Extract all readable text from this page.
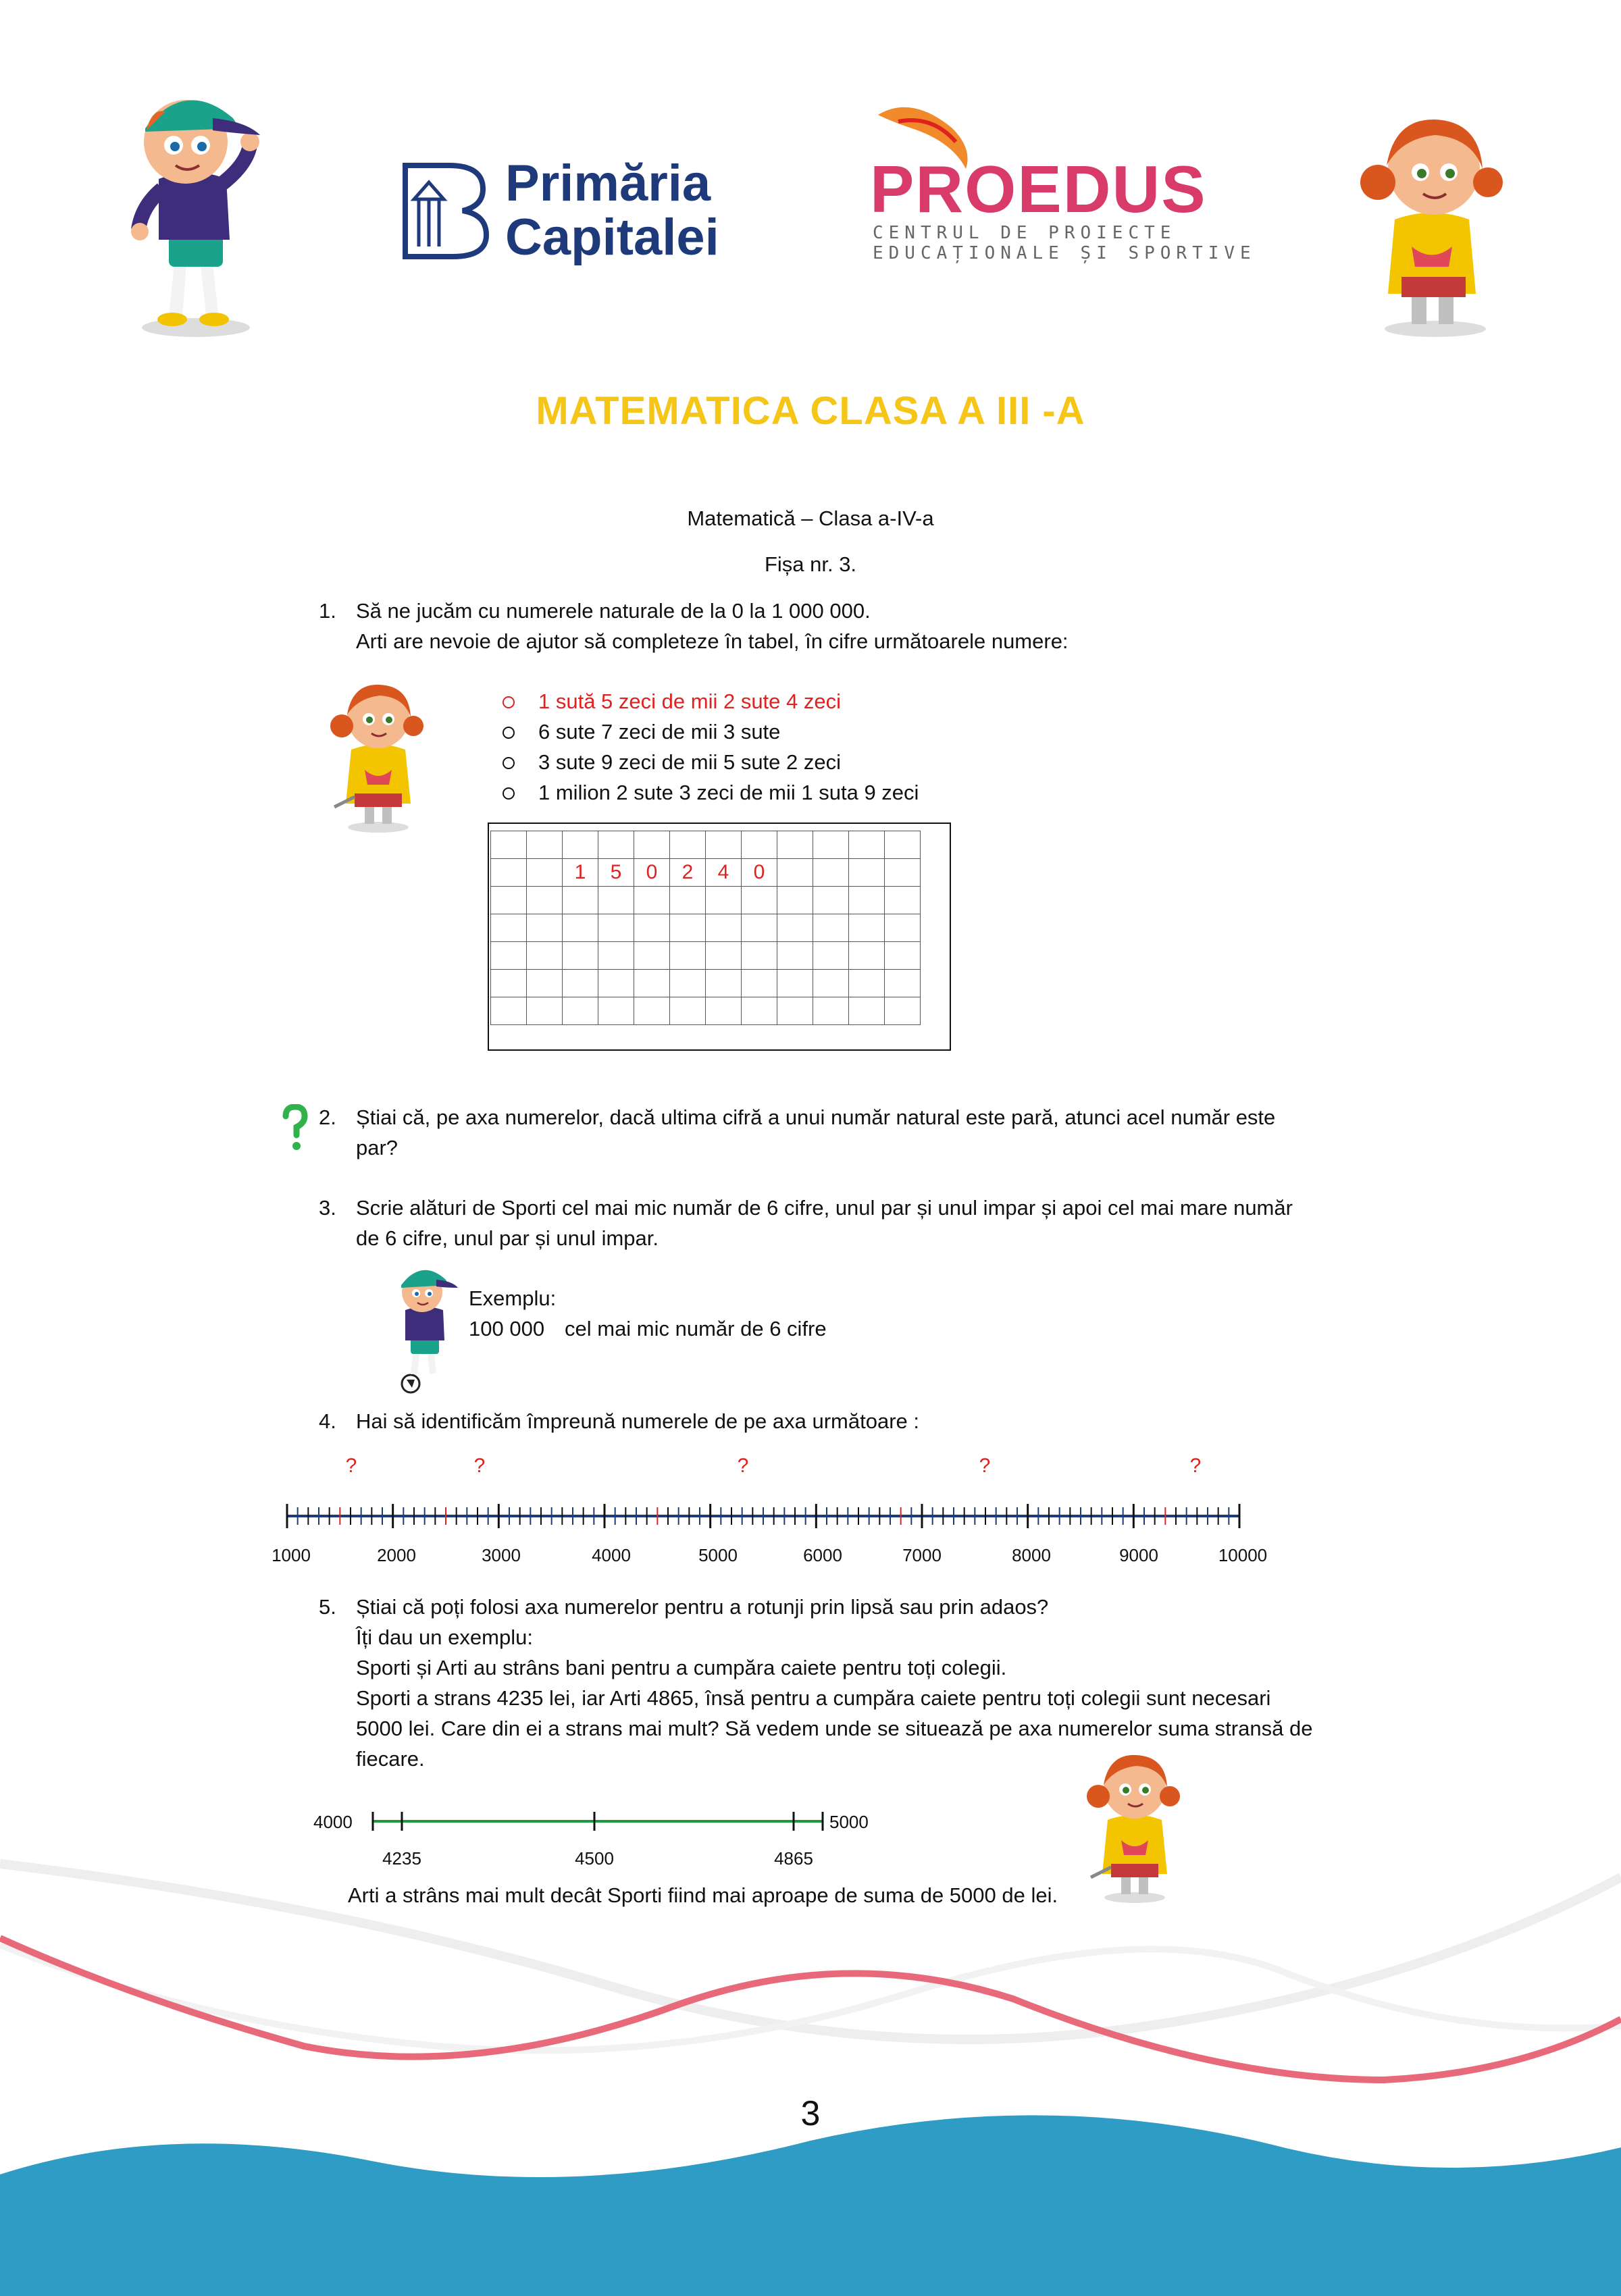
Primăria
Capitalei
PROEDUS
CENTRUL DE PROIECTE
EDUCAȚIONALE ȘI SPORTIVE
MATEMATICA CLASA A III -A
Matematică – Clasa a-IV-a
Fișa nr. 3.
1. Să ne jucăm cu numerele naturale de la 0 la 1 000 000.
Arti are nevoie de ajutor să completeze în tabel, în cifre următoarele numere:
1 sută 5 zeci de mii 2 sute 4 zeci
6 sute 7 zeci de mii 3 sute
3 sute 9 zeci de mii 5 sute 2 zeci
1 milion 2 sute 3 zeci de mii 1 suta 9 zeci

		1	5	0	2	4	0				

2. Știai că, pe axa numerelor, dacă ultima cifră a unui număr natural este pară, atunci acel număr este
par?
3. Scrie alături de Sporti cel mai mic număr de 6 cifre, unul par și unul impar și apoi cel mai mare număr
de 6 cifre, unul par și unul impar.
Exemplu:
100 000 cel mai mic număr de 6 cifre
4. Hai să identificăm împreună numerele de pe axa următoare :
?	?	?	?	?
1000	2000	3000	4000	5000	6000	7000	8000	9000	10000
5. Știai că poți folosi axa numerelor pentru a rotunji prin lipsă sau prin adaos?
Îți dau un exemplu:
Sporti și Arti au strâns bani pentru a cumpăra caiete pentru toți colegii.
Sporti a strans 4235 lei, iar Arti 4865, însă pentru a cumpăra caiete pentru toți colegii sunt necesari
5000 lei. Care din ei a strans mai mult? Să vedem unde se situează pe axa numerelor suma stransă de
fiecare.
4000	5000
4235	4500	4865
Arti a strâns mai mult decât Sporti fiind mai aproape de suma de 5000 de lei.
3
